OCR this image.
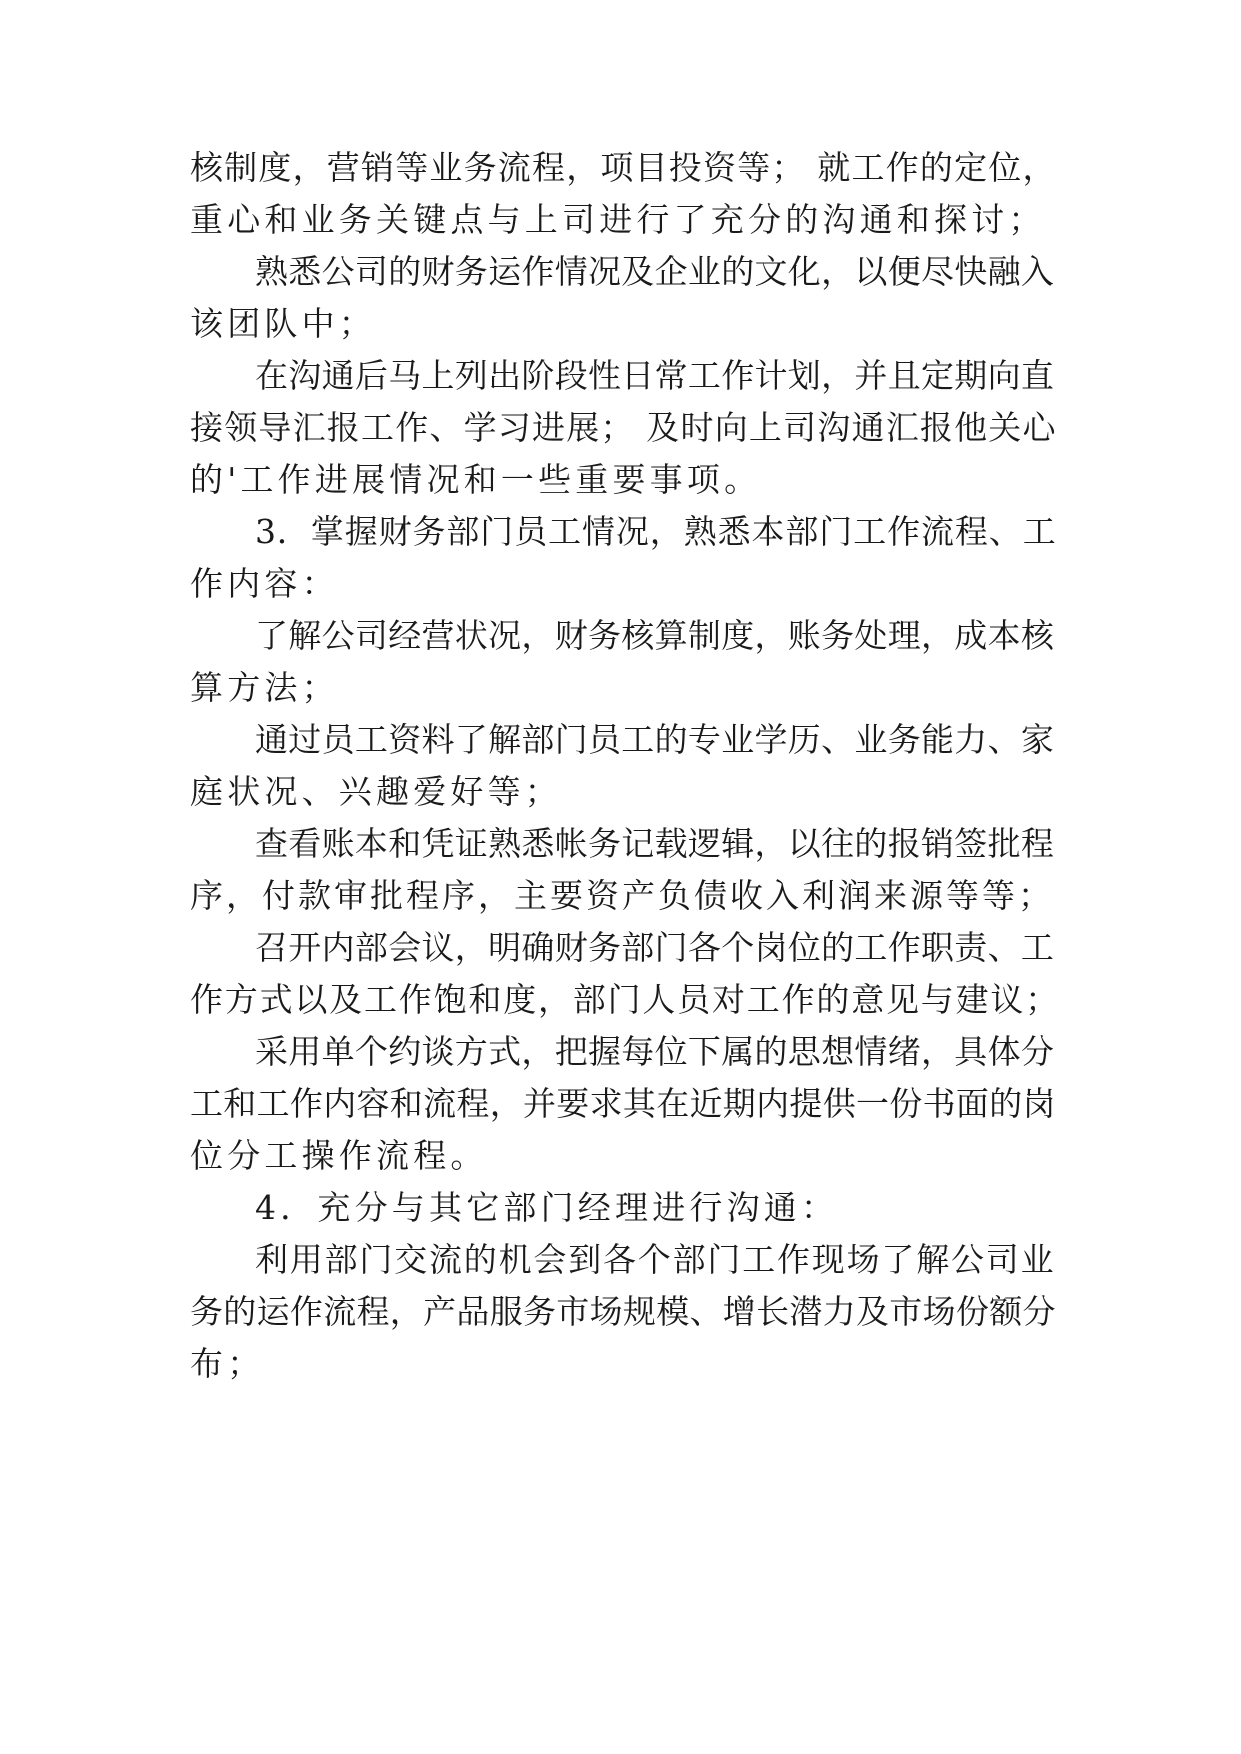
核制度，营销等业务流程，项目投资等； 就工作的定位，
重心和业务关键点与上司进行了充分的沟通和探讨；
熟悉公司的财务运作情况及企业的文化，以便尽快融入
该团队中；
在沟通后马上列出阶段性日常工作计划，并且定期向直
接领导汇报工作、学习进展； 及时向上司沟通汇报他关心
的'工作进展情况和一些重要事项。
3．掌握财务部门员工情况，熟悉本部门工作流程、工
作内容：
了解公司经营状况，财务核算制度，账务处理，成本核
算方法；
通过员工资料了解部门员工的专业学历、业务能力、家
庭状况、兴趣爱好等；
查看账本和凭证熟悉帐务记载逻辑，以往的报销签批程
序，付款审批程序，主要资产负债收入利润来源等等；
召开内部会议，明确财务部门各个岗位的工作职责、工
作方式以及工作饱和度，部门人员对工作的意见与建议；
采用单个约谈方式，把握每位下属的思想情绪，具体分
工和工作内容和流程，并要求其在近期内提供一份书面的岗
位分工操作流程。
4．充分与其它部门经理进行沟通：
利用部门交流的机会到各个部门工作现场了解公司业
务的运作流程，产品服务市场规模、增长潜力及市场份额分
布；
